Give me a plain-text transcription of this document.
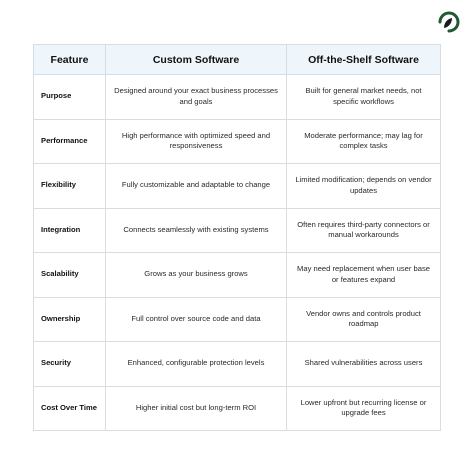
Feature	Custom Software	Off-the-Shelf Software
Purpose	Designed around your exact business processes and goals	Built for general market needs, not specific workflows
Performance	High performance with optimized speed and responsiveness	Moderate performance; may lag for complex tasks
Flexibility	Fully customizable and adaptable to change	Limited modification; depends on vendor updates
Integration	Connects seamlessly with existing systems	Often requires third-party connectors or manual workarounds
Scalability	Grows as your business grows	May need replacement when user base or features expand
Ownership	Full control over source code and data	Vendor owns and controls product roadmap
Security	Enhanced, configurable protection levels	Shared vulnerabilities across users
Cost Over Time	Higher initial cost but long-term ROI	Lower upfront but recurring license or upgrade fees
